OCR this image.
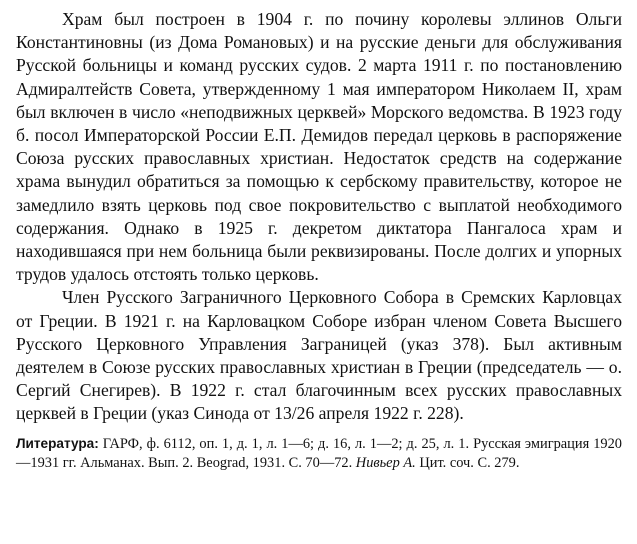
Храм был построен в 1904 г. по почину королевы эллинов Ольги Константиновны (из Дома Романовых) и на русские деньги для обслуживания Русской больницы и команд русских судов. 2 марта 1911 г. по постановлению Адмиралтейств Совета, утвержденному 1 мая императором Николаем II, храм был включен в число «неподвижных церквей» Морского ведомства. В 1923 году б. посол Императорской России Е.П. Демидов передал церковь в распоряжение Союза русских православных христиан. Недостаток средств на содержание храма вынудил обратиться за помощью к сербскому правительству, которое не замедлило взять церковь под свое покровительство с выплатой необходимого содержания. Однако в 1925 г. декретом диктатора Пангалоса храм и находившаяся при нем больница были реквизированы. После долгих и упорных трудов удалось отстоять только церковь.

Член Русского Заграничного Церковного Собора в Сремских Карловцах от Греции. В 1921 г. на Карловацком Соборе избран членом Совета Высшего Русского Церковного Управления Заграницей (указ 378). Был активным деятелем в Союзе русских православных христиан в Греции (председатель — о. Сергий Снегирев). В 1922 г. стал благочинным всех русских православных церквей в Греции (указ Синода от 13/26 апреля 1922 г. 228).

Литература: ГАРФ, ф. 6112, оп. 1, д. 1, л. 1—6; д. 16, л. 1—2; д. 25, л. 1. Русская эмиграция 1920—1931 гг. Альманах. Вып. 2. Beograd, 1931. С. 70—72. Нивьер А. Цит. соч. С. 279.
